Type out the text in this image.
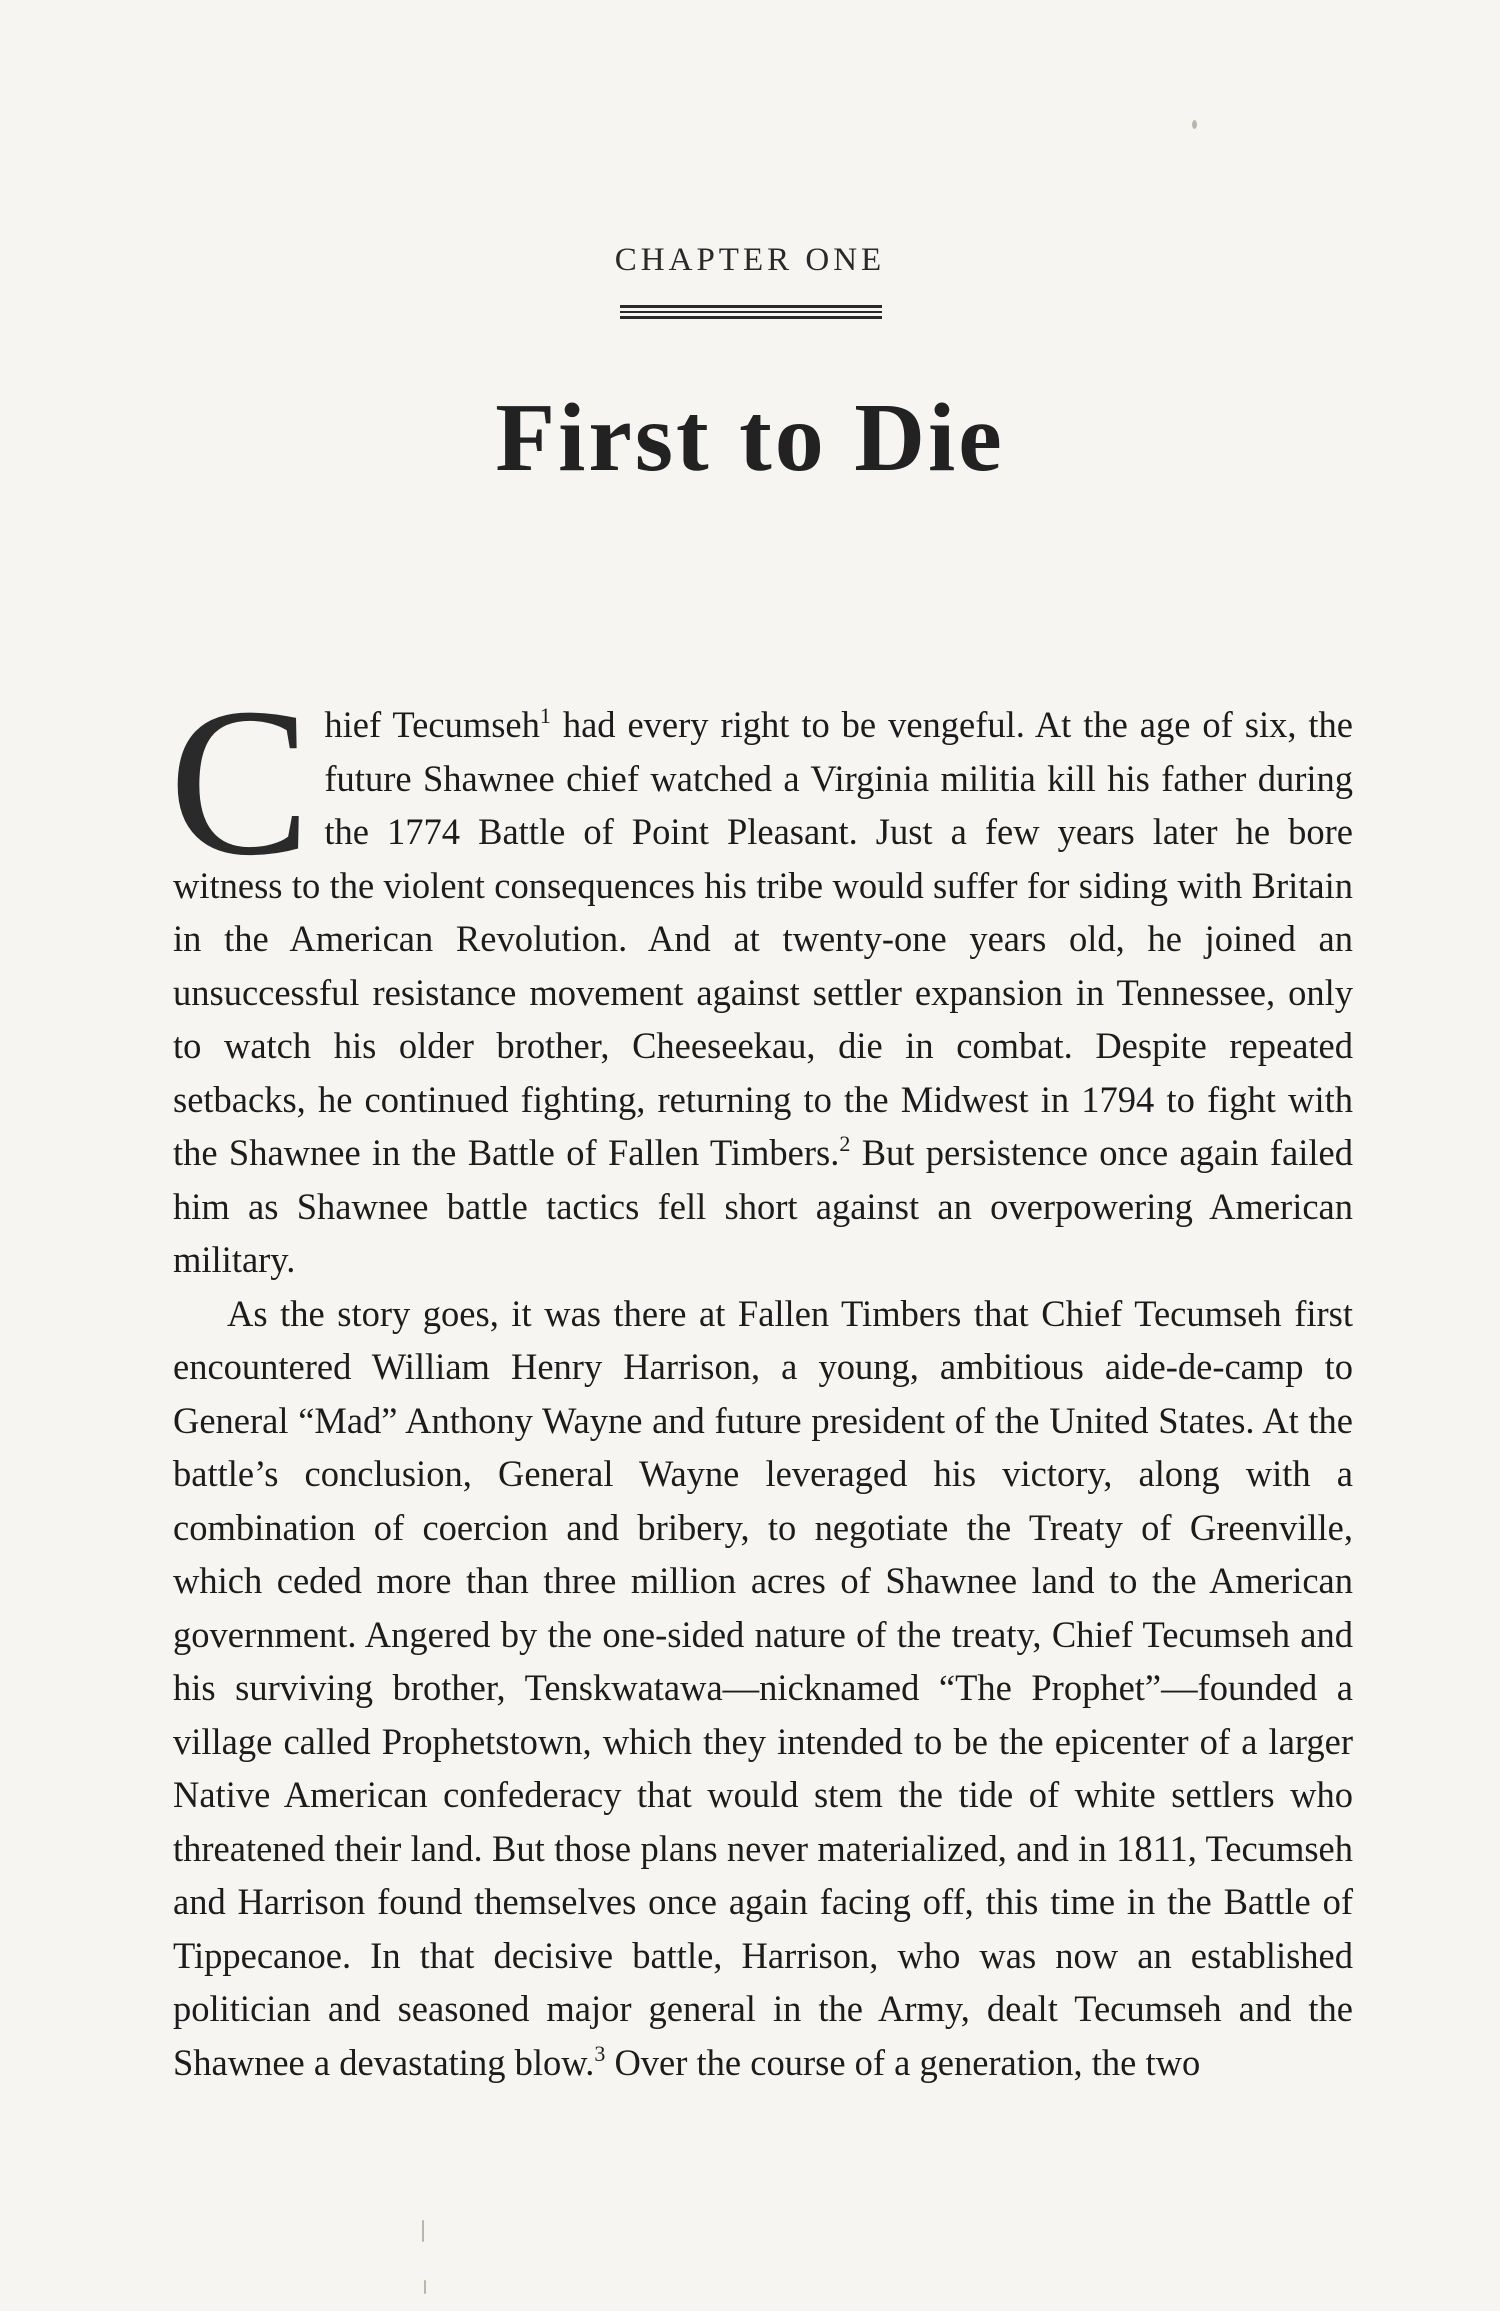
CHAPTER ONE
First to Die

Chief Tecumseh$^1$ had every right to be vengeful. At the age of six, the future Shawnee chief watched a Virginia militia kill his father during the 1774 Battle of Point Pleasant. Just a few years later he bore witness to the violent consequences his tribe would suffer for siding with Britain in the American Revolution. And at twenty-one years old, he joined an unsuccessful resistance movement against settler expansion in Tennessee, only to watch his older brother, Cheeseekau, die in combat. Despite repeated setbacks, he continued fighting, returning to the Midwest in 1794 to fight with the Shawnee in the Battle of Fallen Timbers.$^2$ But persistence once again failed him as Shawnee battle tactics fell short against an overpowering American military.

As the story goes, it was there at Fallen Timbers that Chief Tecumseh first encountered William Henry Harrison, a young, ambitious aide-de-camp to General “Mad” Anthony Wayne and future president of the United States. At the battle’s conclusion, General Wayne leveraged his victory, along with a combination of coercion and bribery, to negotiate the Treaty of Greenville, which ceded more than three million acres of Shawnee land to the American government. Angered by the one-sided nature of the treaty, Chief Tecumseh and his surviving brother, Tenskwatawa—nicknamed “The Prophet”—founded a village called Prophetstown, which they intended to be the epicenter of a larger Native American confederacy that would stem the tide of white settlers who threatened their land. But those plans never materialized, and in 1811, Tecumseh and Harrison found themselves once again facing off, this time in the Battle of Tippecanoe. In that decisive battle, Harrison, who was now an established politician and seasoned major general in the Army, dealt Tecumseh and the Shawnee a devastating blow.$^3$ Over the course of a generation, the two
